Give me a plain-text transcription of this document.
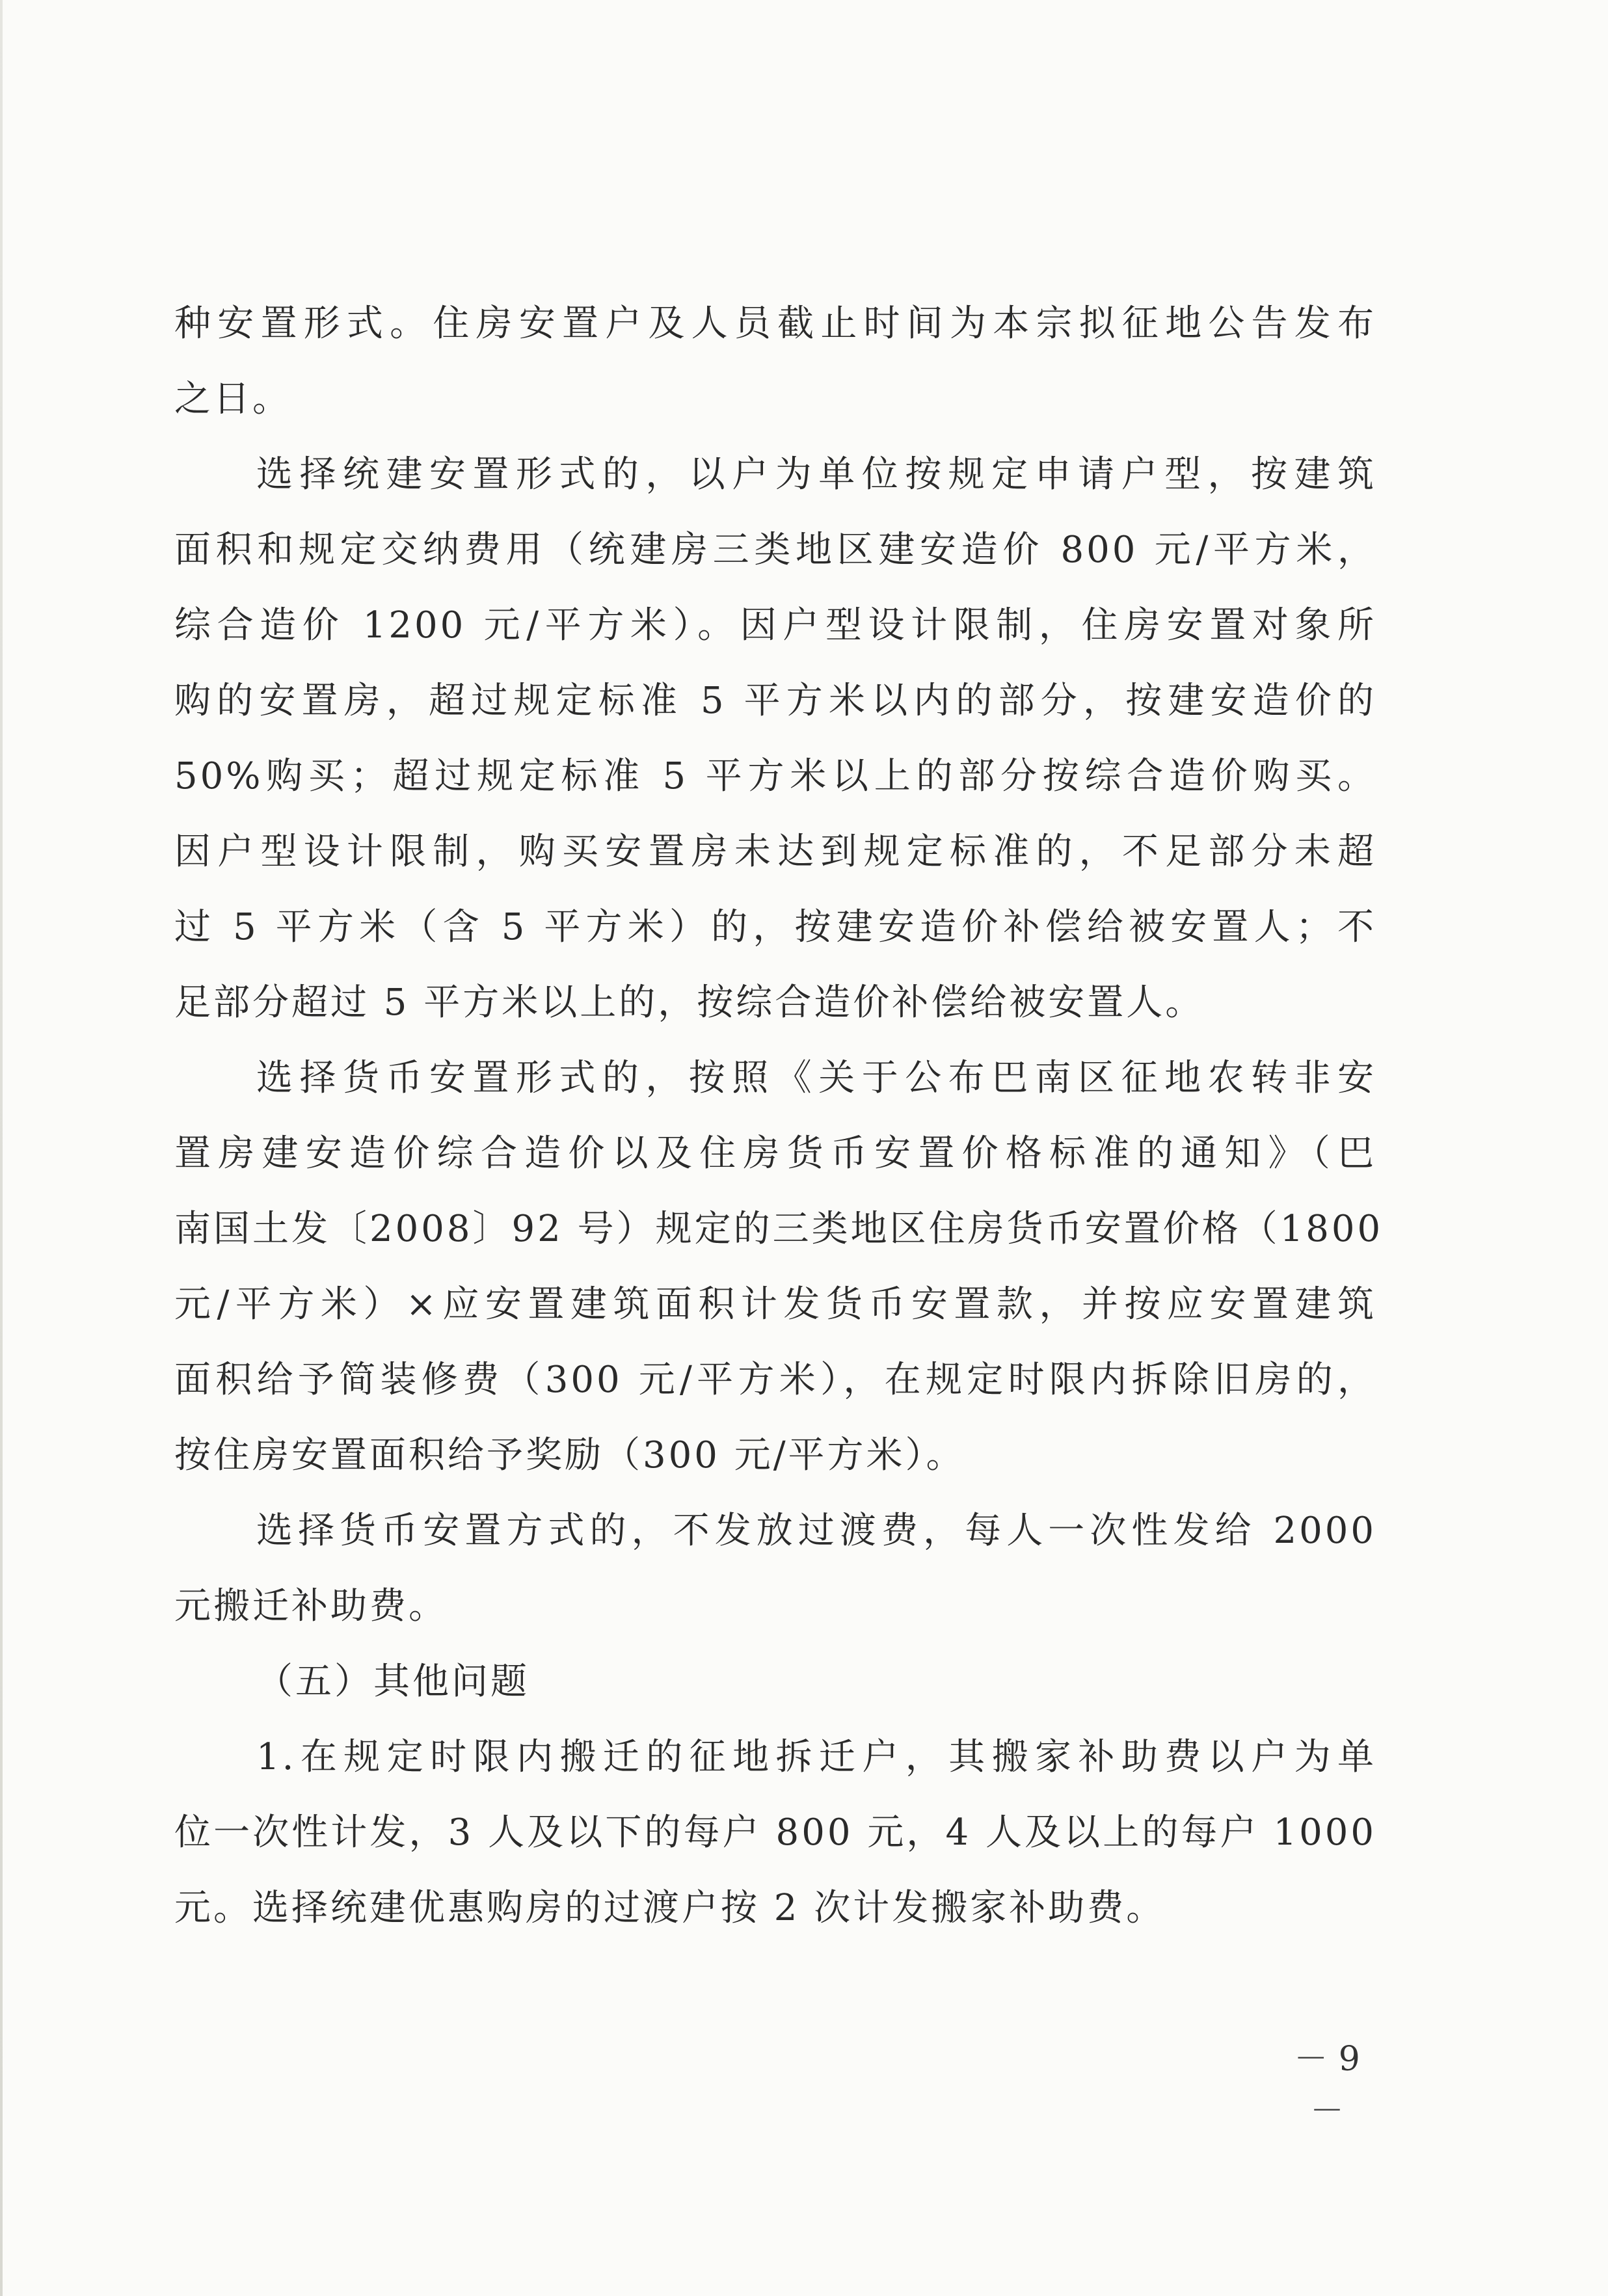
种安置形式。住房安置户及人员截止时间为本宗拟征地公告发布
之日。
选择统建安置形式的，以户为单位按规定申请户型，按建筑
面积和规定交纳费用（统建房三类地区建安造价 800 元/平方米，
综合造价 1200 元/平方米）。因户型设计限制，住房安置对象所
购的安置房，超过规定标准 5 平方米以内的部分，按建安造价的
50%购买；超过规定标准 5 平方米以上的部分按综合造价购买。
因户型设计限制，购买安置房未达到规定标准的，不足部分未超
过 5 平方米（含 5 平方米）的，按建安造价补偿给被安置人；不
足部分超过 5 平方米以上的，按综合造价补偿给被安置人。
选择货币安置形式的，按照《关于公布巴南区征地农转非安
置房建安造价综合造价以及住房货币安置价格标准的通知》（巴
南国土发〔2008〕92 号）规定的三类地区住房货币安置价格（1800
元/平方米）×应安置建筑面积计发货币安置款，并按应安置建筑
面积给予简装修费（300 元/平方米），在规定时限内拆除旧房的，
按住房安置面积给予奖励（300 元/平方米）。
选择货币安置方式的，不发放过渡费，每人一次性发给 2000
元搬迁补助费。
（五）其他问题
1.在规定时限内搬迁的征地拆迁户，其搬家补助费以户为单
位一次性计发，3 人及以下的每户 800 元，4 人及以上的每户 1000
元。选择统建优惠购房的过渡户按 2 次计发搬家补助费。
－ 9 －
